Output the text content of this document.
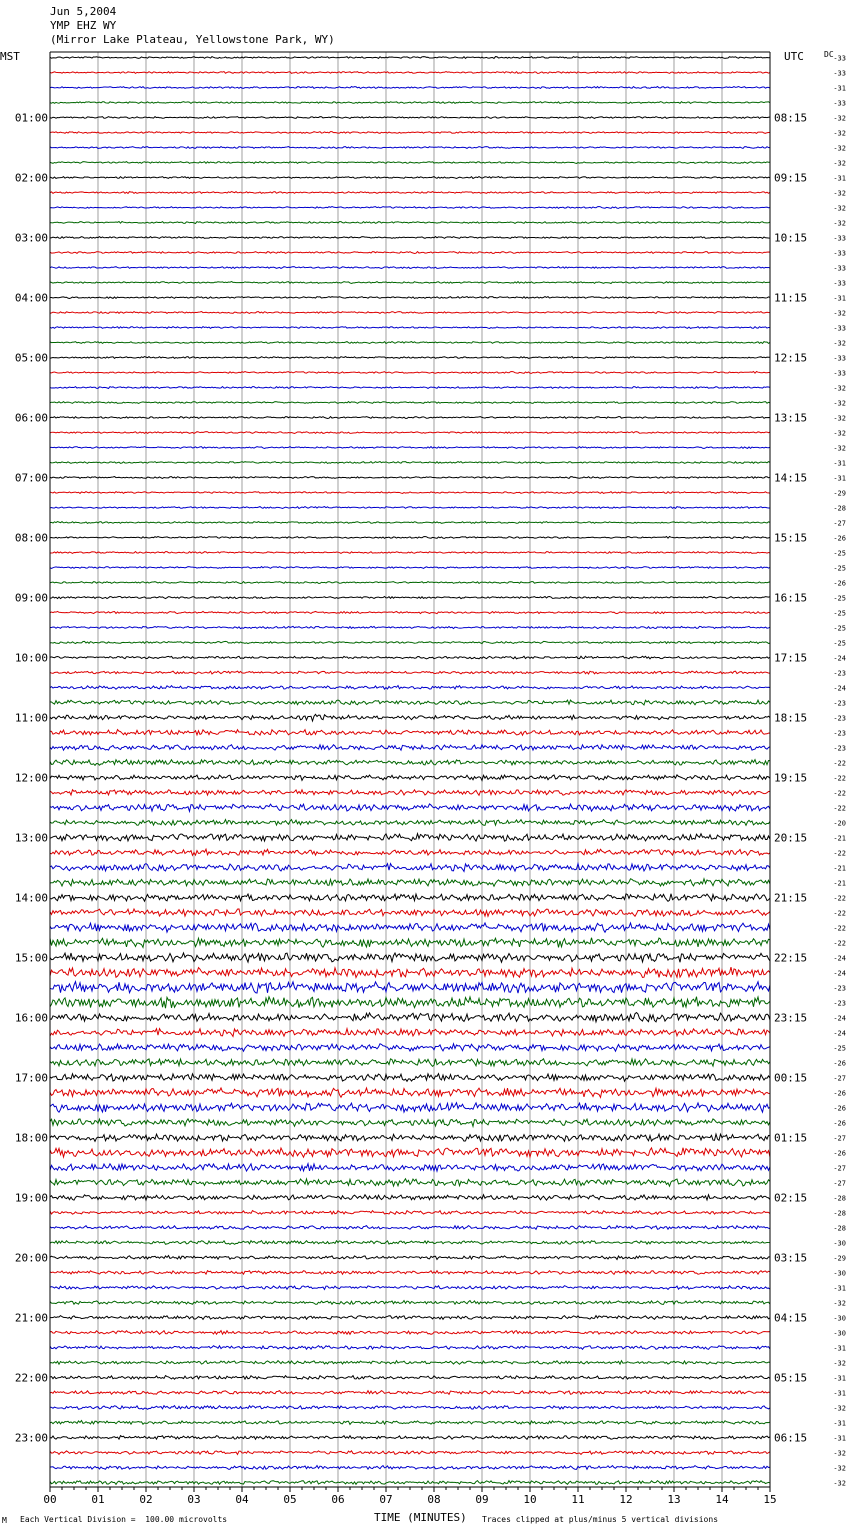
Jun 5,2004
YMP EHZ WY
(Mirror Lake Plateau, Yellowstone Park, WY)
01:00
02:00
03:00
04:00
05:00
06:00
07:00
08:00
09:00
10:00
11:00
12:00
13:00
14:00
15:00
16:00
17:00
18:00
19:00
20:00
21:00
22:00
23:00
08:15
09:15
10:15
11:15
12:15
13:15
14:15
15:15
16:15
17:15
18:15
19:15
20:15
21:15
22:15
23:15
00:15
01:15
02:15
03:15
04:15
05:15
06:15
-33
-33
-31
-33
-32
-32
-32
-32
-31
-32
-32
-32
-33
-33
-33
-33
-31
-32
-33
-32
-33
-33
-32
-32
-32
-32
-32
-31
-31
-29
-28
-27
-26
-25
-25
-26
-25
-25
-25
-25
-24
-23
-24
-23
-23
-23
-23
-22
-22
-22
-22
-20
-21
-22
-21
-21
-22
-22
-22
-22
-24
-24
-23
-23
-24
-24
-25
-26
-27
-26
-26
-26
-27
-26
-27
-27
-28
-28
-28
-30
-29
-30
-31
-32
-30
-30
-31
-32
-31
-31
-32
-31
-31
-32
-32
-32
00	01	02	03	04	05	06	07	08	09	10	11	12	13	14	15
MST	UTC	DC
M Each Vertical Division =  100.00 microvolts	TIME (MINUTES) Traces clipped at plus/minus 5 vertical divisions
